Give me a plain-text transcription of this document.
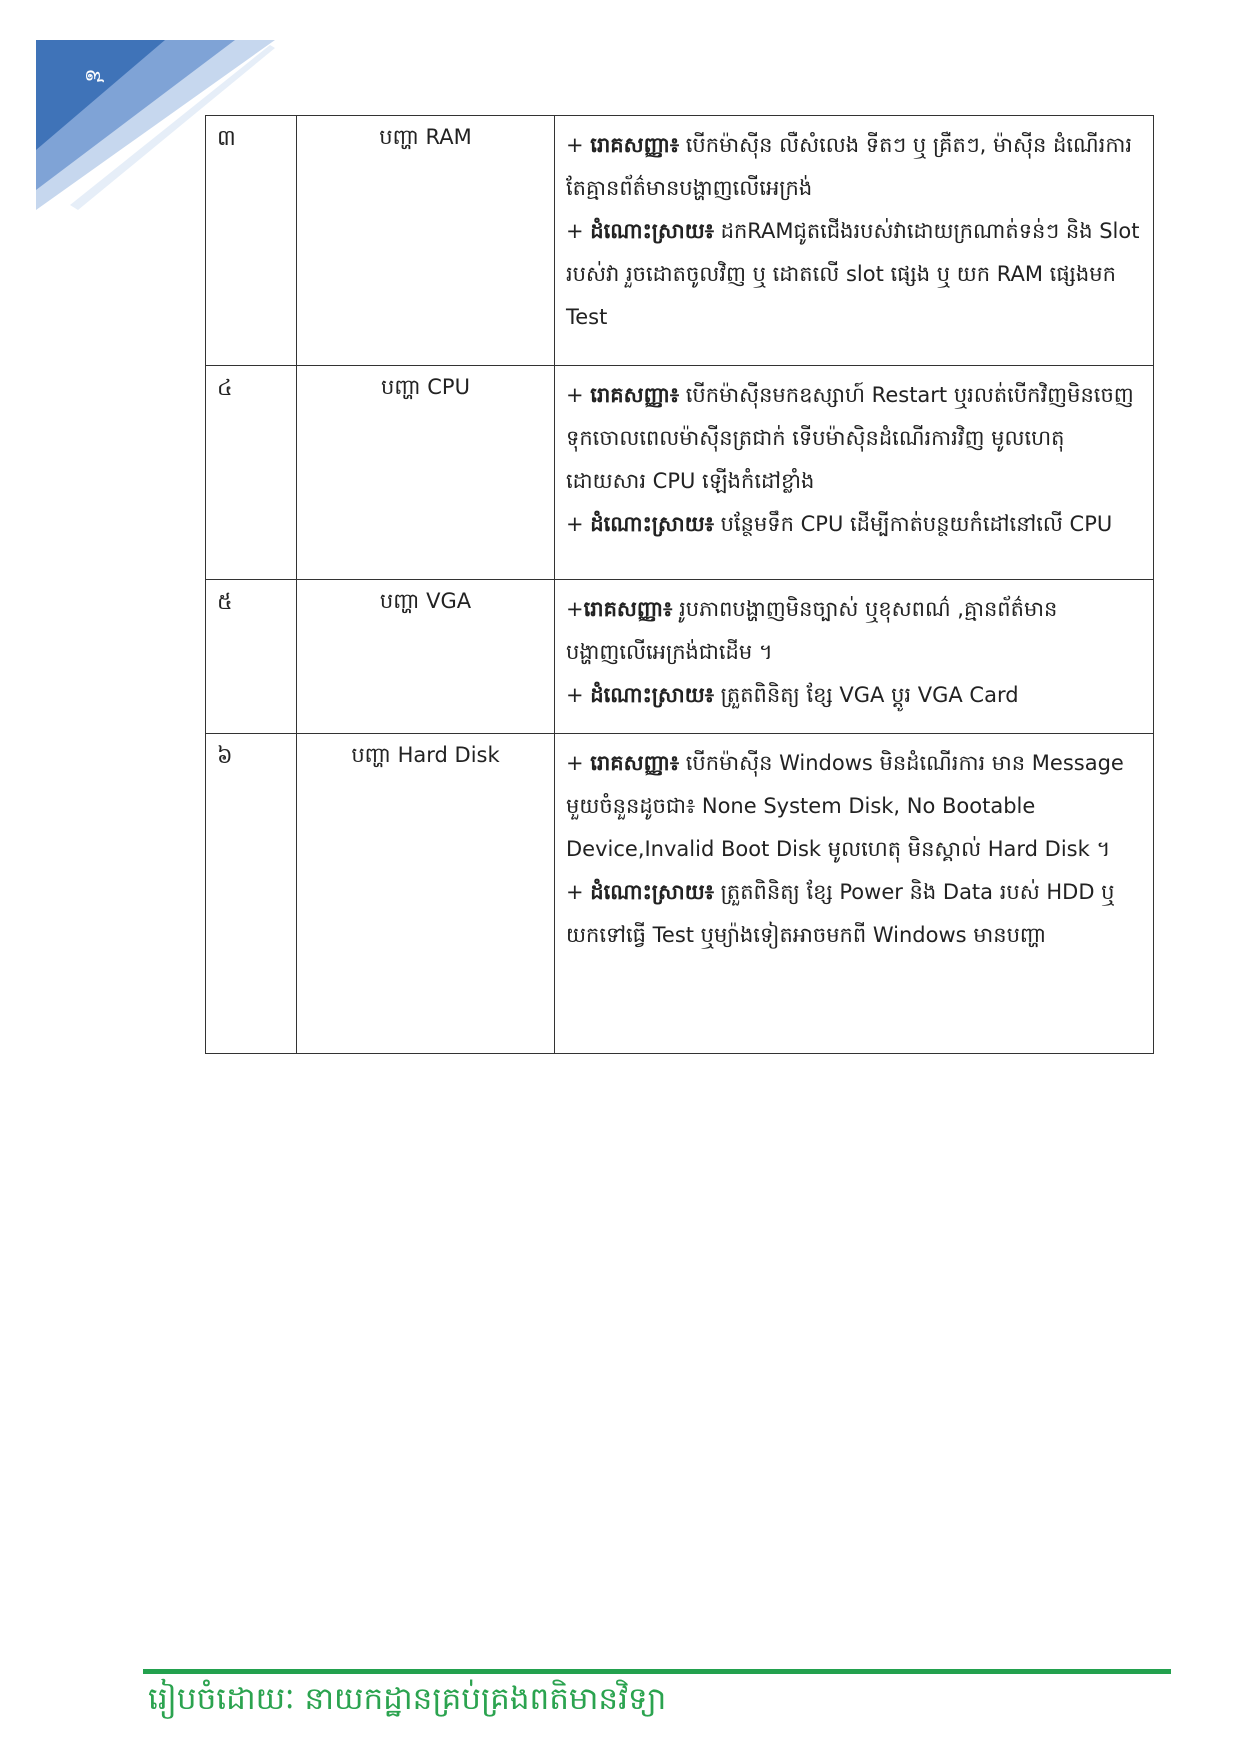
៩
៣	បញ្ហា RAM	+ រោគសញ្ញា៖ បើកម៉ាស៊ីន លឺសំលេង ទីតៗ ឬ គ្រឺតៗ, ម៉ាស៊ីន ដំណើរការ តែគ្មានព័ត៌មានបង្ហាញលើអេក្រង់

+ ដំណោះស្រាយ៖ ដកRAMជូតជើងរបស់វាដោយក្រណាត់ទន់ៗ និង Slot របស់វា រួចដោតចូលវិញ ឬ ដោតលើ slot ផ្សេង ឬ យក RAM ផ្សេងមក Test

៤	បញ្ហា CPU	+ រោគសញ្ញា៖ បើកម៉ាស៊ីនមកឧស្សាហ៍ Restart ឬរលត់បើកវិញមិនចេញទុកចោលពេលម៉ាស៊ីនត្រជាក់ ទើបម៉ាស៊ិនដំណើរការវិញ មូលហេតុដោយសារ CPU ឡើងកំដៅខ្លាំង

+ ដំណោះស្រាយ៖ បន្ថែមទឹក CPU ដើម្បីកាត់បន្ថយកំដៅនៅលើ CPU

៥	បញ្ហា VGA	+រោគសញ្ញា៖ រូបភាពបង្ហាញមិនច្បាស់ ឬខុសពណ៌ ,គ្មានព័ត៌មានបង្ហាញលើអេក្រង់ជាដើម ។

+ ដំណោះស្រាយ៖ ត្រួតពិនិត្យ ខ្សែ VGA ប្តូរ VGA Card

៦	បញ្ហា Hard Disk	+ រោគសញ្ញា៖ បើកម៉ាស៊ីន Windows មិនដំណើរការ មាន Message មួយចំនួនដូចជា៖ None System Disk, No Bootable Device,Invalid Boot Disk មូលហេតុ មិនស្គាល់ Hard Disk ។

+ ដំណោះស្រាយ៖ ត្រួតពិនិត្យ ខ្សែ Power និង Data របស់ HDD ឬ យកទៅធ្វើ Test ឬម្យ៉ាងទៀតអាចមកពី Windows មានបញ្ហា

រៀបចំដោយៈ នាយកដ្ឋានគ្រប់គ្រងពតិមានវិទ្យា
